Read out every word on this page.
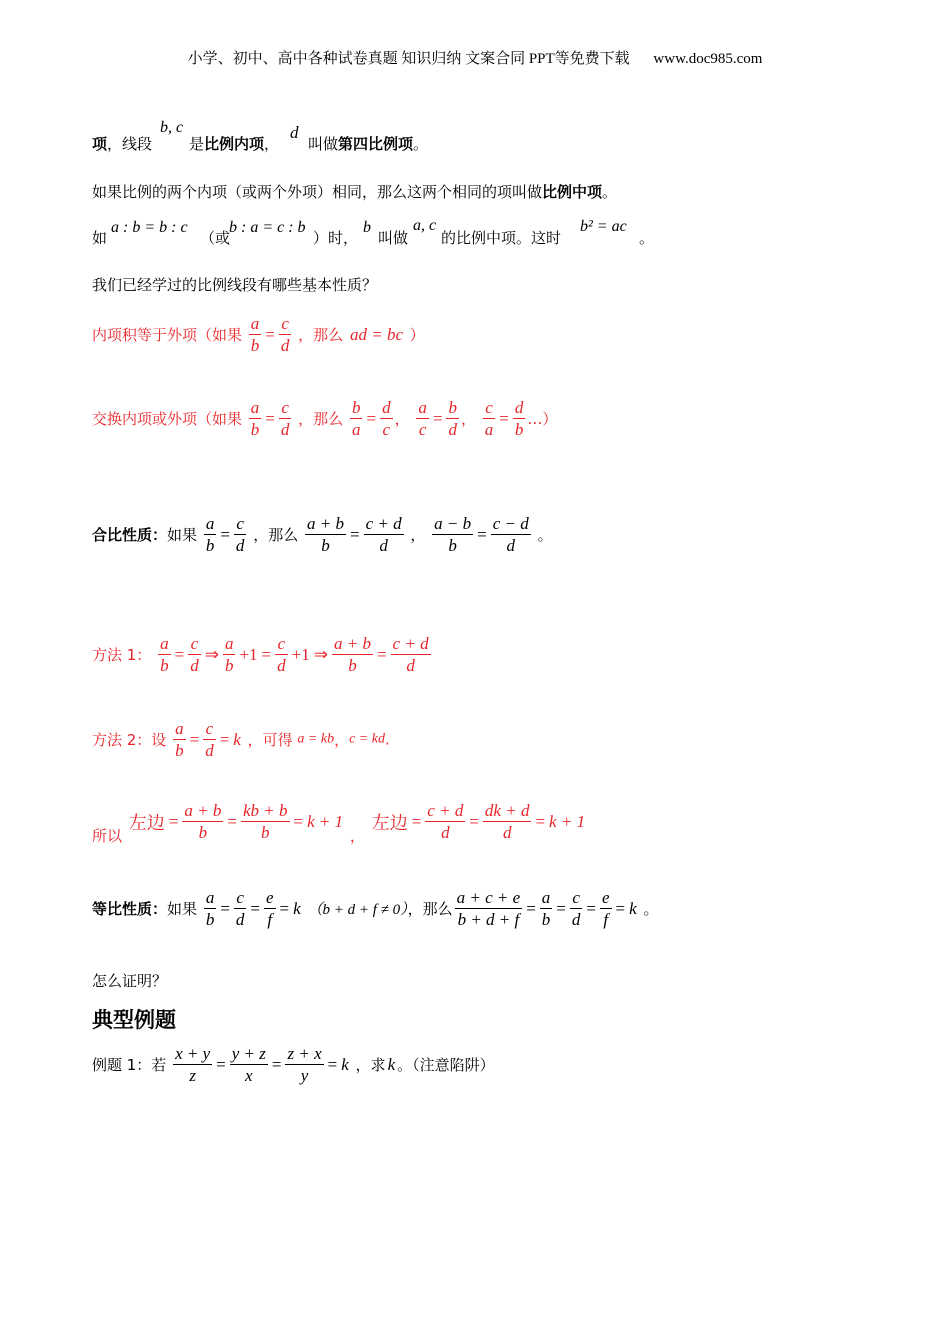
小学、初中、高中各种试卷真题 知识归纳 文案合同 PPT等免费下载 www.doc985.com
项，线段
b, c
是比例内项，
d
叫做第四比例项。
如果比例的两个内项（或两个外项）相同，那么这两个相同的项叫做比例中项。
如
a : b = b : c
（或
b : a = c : b
）时，
b
叫做
a, c
的比例中项。这时
b² = ac
。
我们已经学过的比例线段有哪些基本性质？
内项积等于外项（如果 $\frac{a}{b} = \frac{c}{d}$ ，那么 ad = bc ）
交换内项或外项（如果 $\frac{a}{b} = \frac{c}{d}$ ，那么 $\frac{b}{a} = \frac{d}{c}$ ， $\frac{a}{c} = \frac{b}{d}$ ， $\frac{c}{a} = \frac{d}{b}$ …）
合比性质：如果 $\frac{a}{b} = \frac{c}{d}$ ，那么 $\frac{a + b}{b} = \frac{c + d}{d}$ ， $\frac{a - b}{b} = \frac{c - d}{d}$ 。
方法 1： $\frac{a}{b} = \frac{c}{d}$ ⇒ $\frac{a}{b} +1 = \frac{c}{d} +1$ ⇒ $\frac{a + b}{b} = \frac{c + d}{d}$
方法 2：设 $\frac{a}{b} = \frac{c}{d} = k$ ，可得 a = kb，c = kd.
所以 左边 = $\frac{a + b}{b} = \frac{kb + b}{b} = k + 1$ ， 左边 = $\frac{c + d}{d} = \frac{dk + d}{d} = k + 1$
等比性质：如果 $\frac{a}{b} = \frac{c}{d} = \frac{e}{f} = k$ （b + d + f ≠ 0），那么 $\frac{a + c + e}{b + d + f} = \frac{a}{b} = \frac{c}{d} = \frac{e}{f} = k$ 。
怎么证明？
典型例题
例题 1：若 $\frac{x + y}{z} = \frac{y + z}{x} = \frac{z + x}{y} = k$ ，求 k 。（注意陷阱）
